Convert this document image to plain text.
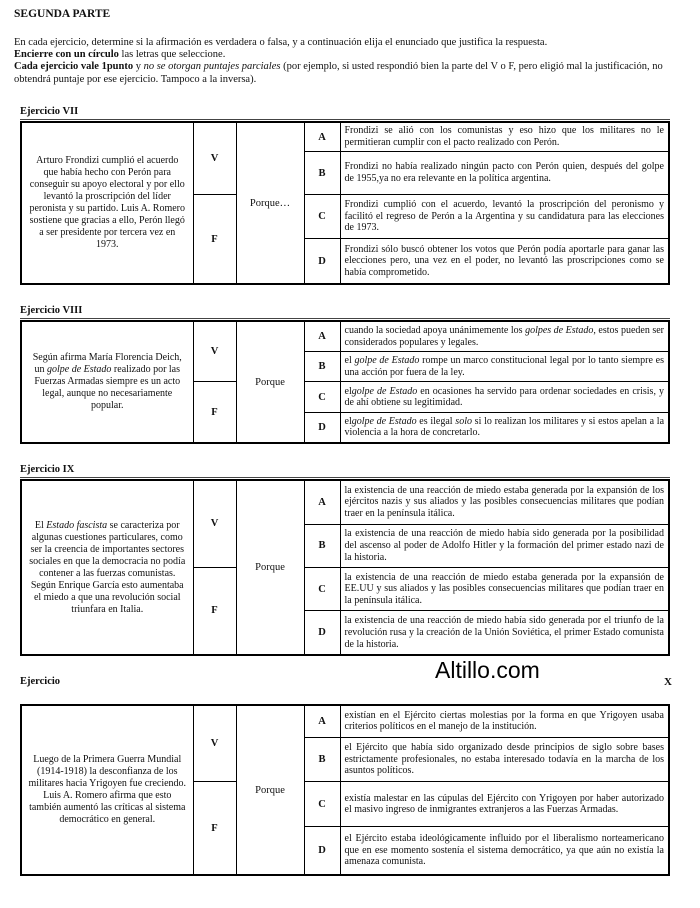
SEGUNDA PARTE
En cada ejercicio, determine si la afirmación es verdadera o falsa, y a continuación elija el enunciado que justifica la respuesta.
Encierre con un círculo las letras que seleccione.
Cada ejercicio vale 1punto y no se otorgan puntajes parciales (por ejemplo, si usted respondió bien la parte del V o F, pero eligió mal la justificación, no obtendrá puntaje por ese ejercicio. Tampoco a la inversa).
Ejercicio VII
Arturo Frondizi cumplió el acuerdo que había hecho con Perón para conseguir su apoyo electoral y por ello levantó la proscripción del líder peronista y su partido. Luis A. Romero sostiene que gracias a ello, Perón llegó a ser presidente por tercera vez en 1973.	V	Porque…	A	Frondizi se alió con los comunistas y eso hizo que los militares no le permitieran cumplir con el pacto realizado con Perón.
			B	Frondizi no había realizado ningún pacto con Perón quien, después del golpe de 1955,ya no era relevante en la política argentina.
	F		C	Frondizi cumplió con el acuerdo, levantó la proscripción del peronismo y facilitó el regreso de Perón a la Argentina y su candidatura para las elecciones de 1973.
			D	Frondizi sólo buscó obtener los votos que Perón podía aportarle para ganar las elecciones pero, una vez en el poder, no levantó las proscripciones como se había comprometido.
Ejercicio VIII
Según afirma María Florencia Deich, un golpe de Estado realizado por las Fuerzas Armadas siempre es un acto legal, aunque no necesariamente popular.	V	Porque	A	cuando la sociedad apoya unánimemente los golpes de Estado, estos pueden ser considerados populares y legales.
			B	el golpe de Estado rompe un marco constitucional legal por lo tanto siempre es una acción por fuera de la ley.
	F		C	elgolpe de Estado en ocasiones ha servido para ordenar sociedades en crisis, y de ahí obtiene su legitimidad.
			D	elgolpe de Estado es ilegal solo si lo realizan los militares y si estos apelan a la violencia a la hora de concretarlo.
Ejercicio IX
El Estado fascista se caracteriza por algunas cuestiones particulares, como ser la creencia de importantes sectores sociales en que la democracia no podía contener a las fuerzas comunistas. Según Enrique García esto aumentaba el miedo a que una revolución social triunfara en Italia.	V	Porque	A	la existencia de una reacción de miedo estaba generada por la expansión de los ejércitos nazis y sus aliados y las posibles consecuencias militares que podían traer en la península itálica.
			B	la existencia de una reacción de miedo había sido generada por la posibilidad del ascenso al poder de Adolfo Hitler y la formación del primer estado nazi de la historia.
	F		C	la existencia de una reacción de miedo estaba generada por la expansión de EE.UU y sus aliados y las posibles consecuencias militares que podían traer en la península itálica.
			D	la existencia de una reacción de miedo había sido generada por el triunfo de la revolución rusa y la creación de la Unión Soviética, el primer Estado comunista de la historia.
Altillo.com
Ejercicio	X
Luego de la Primera Guerra Mundial (1914-1918) la desconfianza de los militares hacia Yrigoyen fue creciendo. Luis A. Romero afirma que esto también aumentó las críticas al sistema democrático en general.	V	Porque	A	existían en el Ejército ciertas molestias por la forma en que Yrigoyen usaba criterios políticos en el manejo de la institución.
			B	el Ejército que había sido organizado desde principios de siglo sobre bases estrictamente profesionales, no estaba interesado todavía en la marcha de los asuntos políticos.
	F		C	existía malestar en las cúpulas del Ejército con Yrigoyen por haber autorizado el masivo ingreso de inmigrantes extranjeros a las Fuerzas Armadas.
			D	el Ejército estaba ideológicamente influido por el liberalismo norteamericano que en ese momento sostenía el sistema democrático, ya que aún no existía la amenaza comunista.
